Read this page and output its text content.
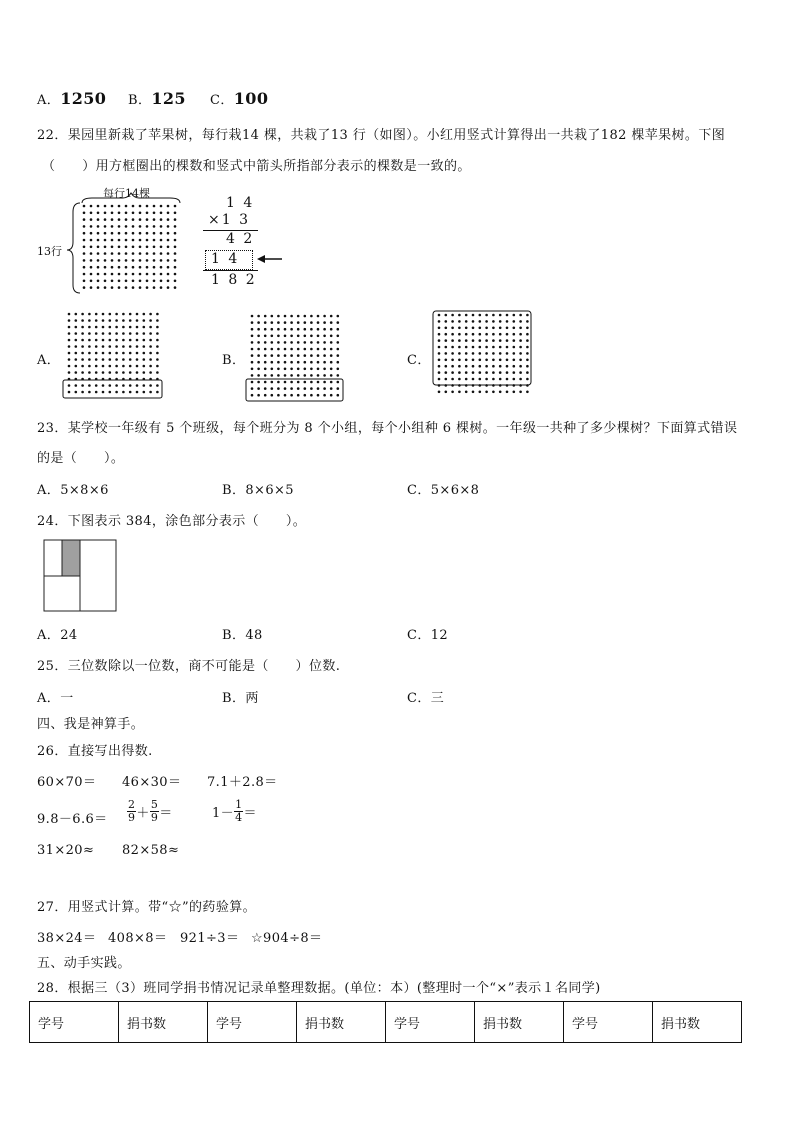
A．1250 B．125 C．100
22．果园里新栽了苹果树，每行栽14 棵，共栽了13 行（如图）。小红用竖式计算得出一共栽了182 棵苹果树。下图
（　　）用方框圈出的棵数和竖式中箭头所指部分表示的棵数是一致的。
每行14棵
13行
1 4
×1 3
4 2
1 4
1 8 2
A．	B．	C．
23．某学校一年级有 5 个班级，每个班分为 8 个小组，每个小组种 6 棵树。一年级一共种了多少棵树？下面算式错误
的是（　　）。
A．5×8×6	B．8×6×5	C．5×6×8
24．下图表示 384，涂色部分表示（　　）。
A．24	B．48	C．12
25．三位数除以一位数，商不可能是（　　）位数.
A．一	B．两	C．三
四、我是神算手。
26．直接写出得数.
60×70＝ 46×30＝ 7.1＋2.8＝
$9.8-6.6= \frac{2}{9} + \frac{5}{9}$ ＝	$1- \frac{1}{4}$ ＝
31×20≈ 82×58≈
27．用竖式计算。带“☆”的药验算。
38×24＝ 408×8＝ 921÷3＝ ☆904÷8＝
五、动手实践。
28．根据三（3）班同学捐书情况记录单整理数据。(单位：本）(整理时一个“×”表示１名同学)
学号	捐书数	学号	捐书数	学号	捐书数	学号	捐书数
